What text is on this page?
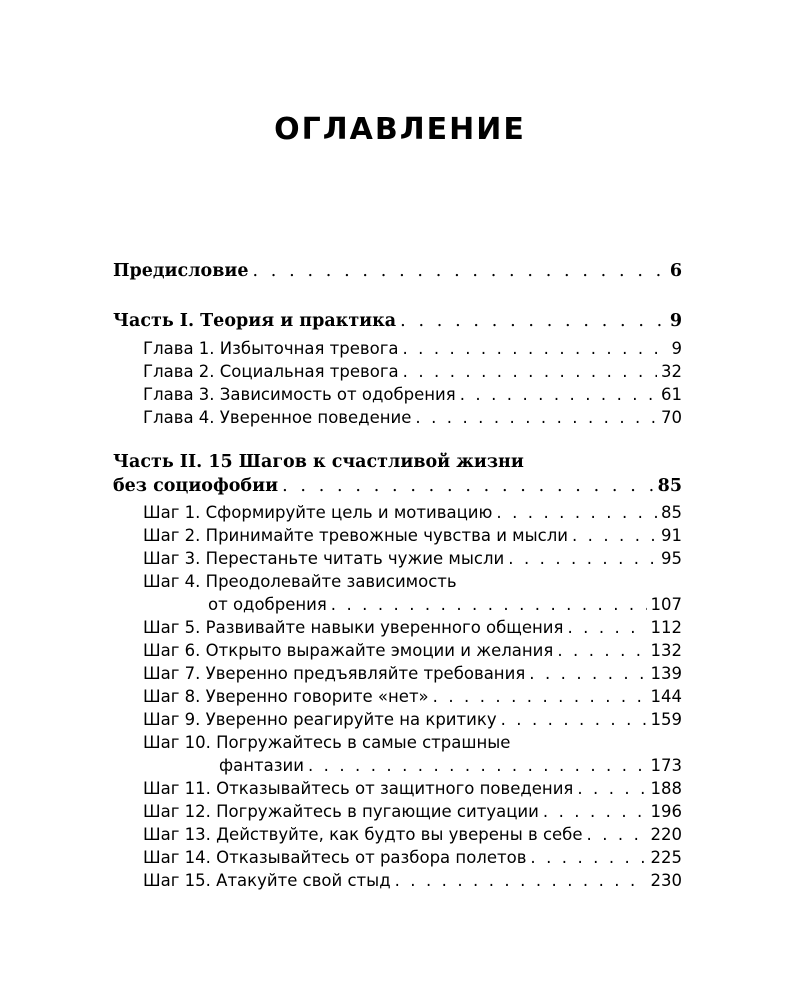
ОГЛАВЛЕНИЕ
Предисловие . . .	6
Часть I. Теория и практика . . .	9
Глава 1. Избыточная тревога . . .	9
Глава 2. Социальная тревога . . .	32
Глава 3. Зависимость от одобрения . . .	61
Глава 4. Уверенное поведение . . .	70
Часть II. 15 Шагов к счастливой жизни
без социофобии . . .	85
Шаг 1. Сформируйте цель и мотивацию . . .	85
Шаг 2. Принимайте тревожные чувства и мысли . . .	91
Шаг 3. Перестаньте читать чужие мысли . . .	95
Шаг 4. Преодолевайте зависимость
от одобрения . . .	107
Шаг 5. Развивайте навыки уверенного общения . . .	112
Шаг 6. Открыто выражайте эмоции и желания . . .	132
Шаг 7. Уверенно предъявляйте требования . . .	139
Шаг 8. Уверенно говорите «нет» . . .	144
Шаг 9. Уверенно реагируйте на критику . . .	159
Шаг 10. Погружайтесь в самые страшные
фантазии . . .	173
Шаг 11. Отказывайтесь от защитного поведения . . .	188
Шаг 12. Погружайтесь в пугающие ситуации . . .	196
Шаг 13. Действуйте, как будто вы уверены в себе . . .	220
Шаг 14. Отказывайтесь от разбора полетов . . .	225
Шаг 15. Атакуйте свой стыд . . .	230
